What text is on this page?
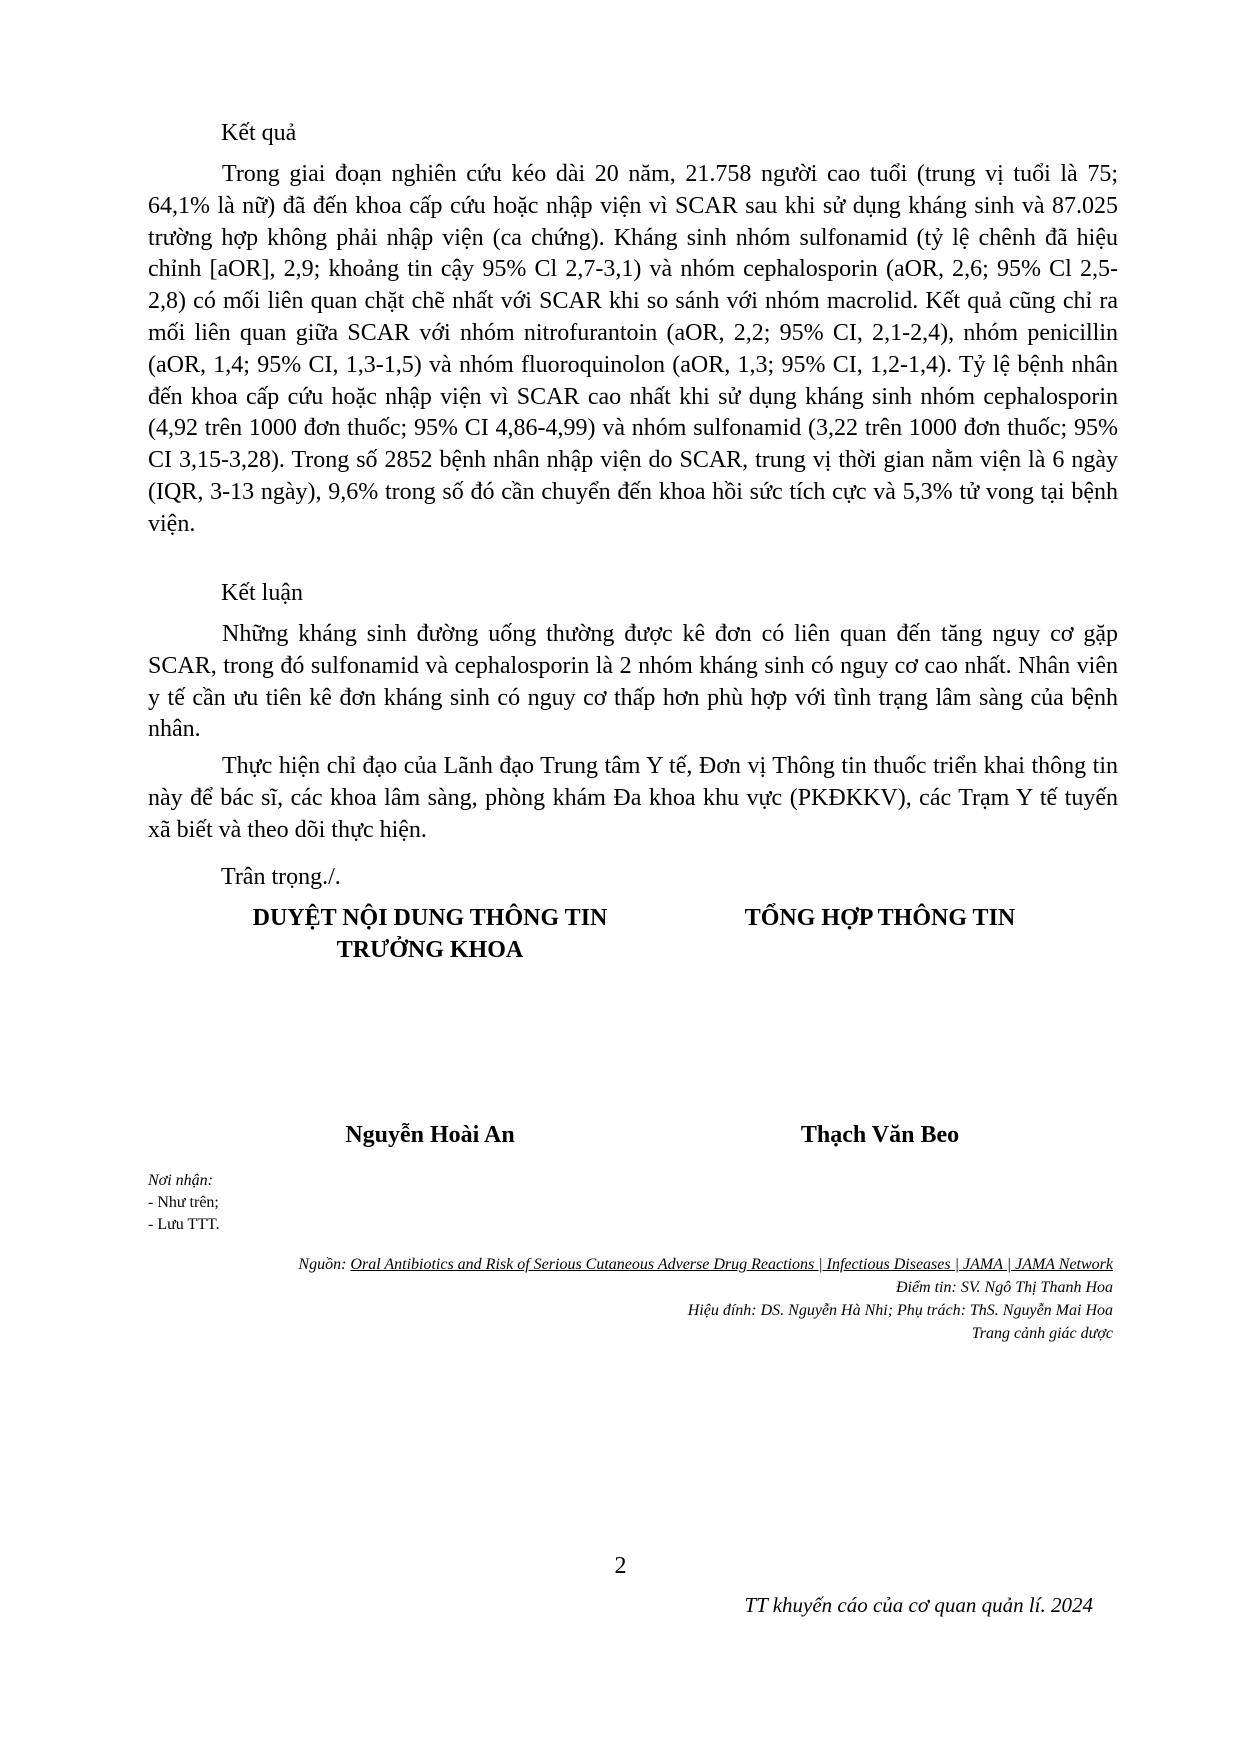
Kết quả

Trong giai đoạn nghiên cứu kéo dài 20 năm, 21.758 người cao tuổi (trung vị tuổi là 75; 64,1% là nữ) đã đến khoa cấp cứu hoặc nhập viện vì SCAR sau khi sử dụng kháng sinh và 87.025 trường hợp không phải nhập viện (ca chứng). Kháng sinh nhóm sulfonamid (tỷ lệ chênh đã hiệu chỉnh [aOR], 2,9; khoảng tin cậy 95% Cl 2,7-3,1) và nhóm cephalosporin (aOR, 2,6; 95% Cl 2,5-2,8) có mối liên quan chặt chẽ nhất với SCAR khi so sánh với nhóm macrolid. Kết quả cũng chỉ ra mối liên quan giữa SCAR với nhóm nitrofurantoin (aOR, 2,2; 95% CI, 2,1-2,4), nhóm penicillin (aOR, 1,4; 95% CI, 1,3-1,5) và nhóm fluoroquinolon (aOR, 1,3; 95% CI, 1,2-1,4). Tỷ lệ bệnh nhân đến khoa cấp cứu hoặc nhập viện vì SCAR cao nhất khi sử dụng kháng sinh nhóm cephalosporin (4,92 trên 1000 đơn thuốc; 95% CI 4,86-4,99) và nhóm sulfonamid (3,22 trên 1000 đơn thuốc; 95% CI 3,15-3,28). Trong số 2852 bệnh nhân nhập viện do SCAR, trung vị thời gian nằm viện là 6 ngày (IQR, 3-13 ngày), 9,6% trong số đó cần chuyển đến khoa hồi sức tích cực và 5,3% tử vong tại bệnh viện.

Kết luận

Những kháng sinh đường uống thường được kê đơn có liên quan đến tăng nguy cơ gặp SCAR, trong đó sulfonamid và cephalosporin là 2 nhóm kháng sinh có nguy cơ cao nhất. Nhân viên y tế cần ưu tiên kê đơn kháng sinh có nguy cơ thấp hơn phù hợp với tình trạng lâm sàng của bệnh nhân.

Thực hiện chỉ đạo của Lãnh đạo Trung tâm Y tế, Đơn vị Thông tin thuốc triển khai thông tin này để bác sĩ, các khoa lâm sàng, phòng khám Đa khoa khu vực (PKĐKKV), các Trạm Y tế tuyến xã biết và theo dõi thực hiện.

Trân trọng./.
DUYỆT NỘI DUNG THÔNG TIN
TRƯỞNG KHOA
TỔNG HỢP THÔNG TIN
Nguyễn Hoài An	Thạch Văn Beo
Nơi nhận:
- Như trên;
- Lưu TTT.
Nguồn: Oral Antibiotics and Risk of Serious Cutaneous Adverse Drug Reactions | Infectious Diseases | JAMA | JAMA Network
Điểm tin: SV. Ngô Thị Thanh Hoa
Hiệu đính: DS. Nguyễn Hà Nhi; Phụ trách: ThS. Nguyễn Mai Hoa
Trang cảnh giác dược
2
TT khuyến cáo của cơ quan quản lí. 2024
